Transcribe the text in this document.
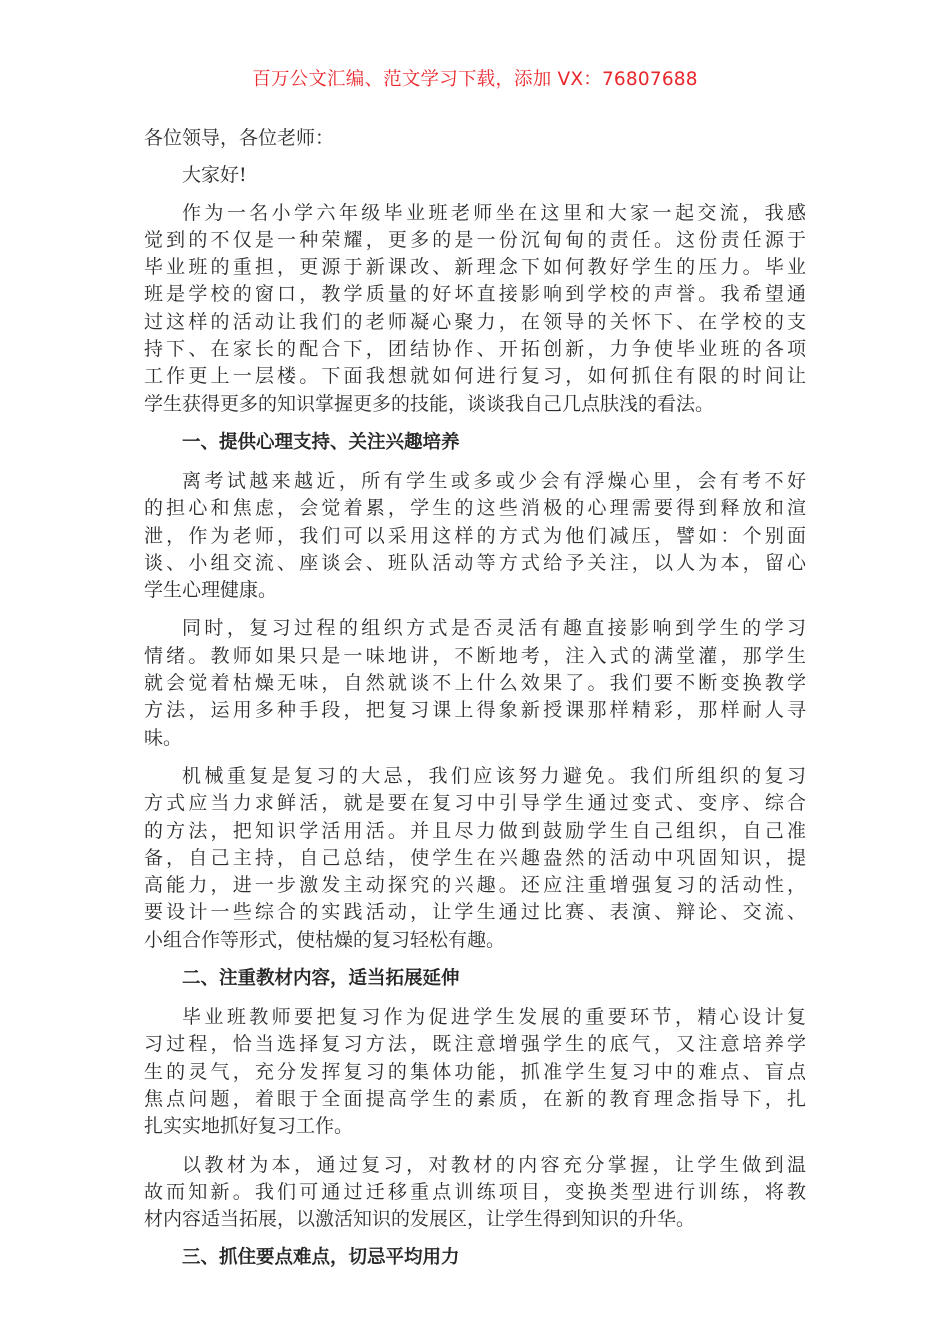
百万公文汇编、范文学习下载，添加 VX：76807688
各位领导，各位老师：
大家好!
作为一名小学六年级毕业班老师坐在这里和大家一起交流，我感
觉到的不仅是一种荣耀，更多的是一份沉甸甸的责任。这份责任源于
毕业班的重担，更源于新课改、新理念下如何教好学生的压力。毕业
班是学校的窗口，教学质量的好坏直接影响到学校的声誉。我希望通
过这样的活动让我们的老师凝心聚力，在领导的关怀下、在学校的支
持下、在家长的配合下，团结协作、开拓创新，力争使毕业班的各项
工作更上一层楼。下面我想就如何进行复习，如何抓住有限的时间让
学生获得更多的知识掌握更多的技能，谈谈我自己几点肤浅的看法。
一、提供心理支持、关注兴趣培养
离考试越来越近，所有学生或多或少会有浮燥心里，会有考不好
的担心和焦虑，会觉着累，学生的这些消极的心理需要得到释放和渲
泄，作为老师，我们可以采用这样的方式为他们减压，譬如：个别面
谈、小组交流、座谈会、班队活动等方式给予关注，以人为本，留心
学生心理健康。
同时，复习过程的组织方式是否灵活有趣直接影响到学生的学习
情绪。教师如果只是一味地讲，不断地考，注入式的满堂灌，那学生
就会觉着枯燥无味，自然就谈不上什么效果了。我们要不断变换教学
方法，运用多种手段，把复习课上得象新授课那样精彩，那样耐人寻
味。
机械重复是复习的大忌，我们应该努力避免。我们所组织的复习
方式应当力求鲜活，就是要在复习中引导学生通过变式、变序、综合
的方法，把知识学活用活。并且尽力做到鼓励学生自己组织，自己准
备，自己主持，自己总结，使学生在兴趣盎然的活动中巩固知识，提
高能力，进一步激发主动探究的兴趣。还应注重增强复习的活动性，
要设计一些综合的实践活动，让学生通过比赛、表演、辩论、交流、
小组合作等形式，使枯燥的复习轻松有趣。
二、注重教材内容，适当拓展延伸
毕业班教师要把复习作为促进学生发展的重要环节，精心设计复
习过程，恰当选择复习方法，既注意增强学生的底气，又注意培养学
生的灵气，充分发挥复习的集体功能，抓准学生复习中的难点、盲点
焦点问题，着眼于全面提高学生的素质，在新的教育理念指导下，扎
扎实实地抓好复习工作。
以教材为本，通过复习，对教材的内容充分掌握，让学生做到温
故而知新。我们可通过迁移重点训练项目，变换类型进行训练，将教
材内容适当拓展，以激活知识的发展区，让学生得到知识的升华。
三、抓住要点难点，切忌平均用力
